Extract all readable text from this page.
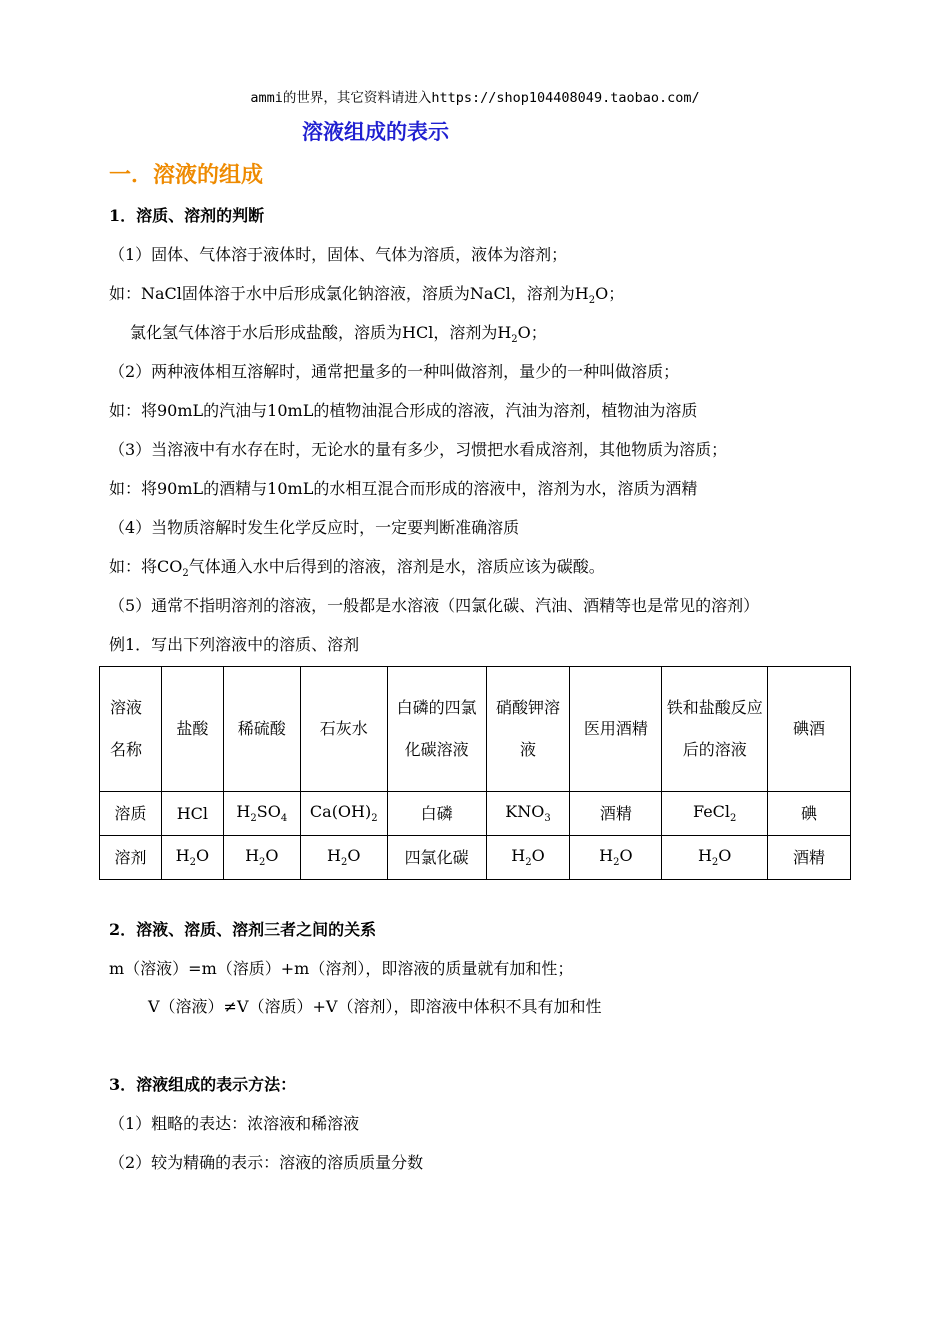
ammi的世界，其它资料请进入https://shop104408049.taobao.com/
溶液组成的表示
一．溶液的组成
1．溶质、溶剂的判断
（1）固体、气体溶于液体时，固体、气体为溶质，液体为溶剂；
如：NaCl固体溶于水中后形成氯化钠溶液，溶质为NaCl，溶剂为$H_2O$；
氯化氢气体溶于水后形成盐酸，溶质为HCl，溶剂为$H_2O$；
（2）两种液体相互溶解时，通常把量多的一种叫做溶剂，量少的一种叫做溶质；
如：将90mL的汽油与10mL的植物油混合形成的溶液，汽油为溶剂，植物油为溶质
（3）当溶液中有水存在时，无论水的量有多少，习惯把水看成溶剂，其他物质为溶质；
如：将90mL的酒精与10mL的水相互混合而形成的溶液中，溶剂为水，溶质为酒精
（4）当物质溶解时发生化学反应时，一定要判断准确溶质
如：将$CO_2$气体通入水中后得到的溶液，溶剂是水，溶质应该为碳酸。
（5）通常不指明溶剂的溶液，一般都是水溶液（四氯化碳、汽油、酒精等也是常见的溶剂）
例1．写出下列溶液中的溶质、溶剂
溶液名称	盐酸	稀硫酸	石灰水	白磷的四氯化碳溶液	硝酸钾溶液	医用酒精	铁和盐酸反应后的溶液	碘酒
溶质	HCl	$H_2SO_4$	$Ca(OH)_2$	白磷	$KNO_3$	酒精	FeCl$_2$	碘
溶剂	$H_2O$	$H_2O$	$H_2O$	四氯化碳	$H_2O$	$H_2O$	$H_2O$	酒精
2．溶液、溶质、溶剂三者之间的关系
m（溶液）=m（溶质）+m（溶剂），即溶液的质量就有加和性；
V（溶液）≠V（溶质）+V（溶剂），即溶液中体积不具有加和性
3．溶液组成的表示方法：
（1）粗略的表达：浓溶液和稀溶液
（2）较为精确的表示：溶液的溶质质量分数
